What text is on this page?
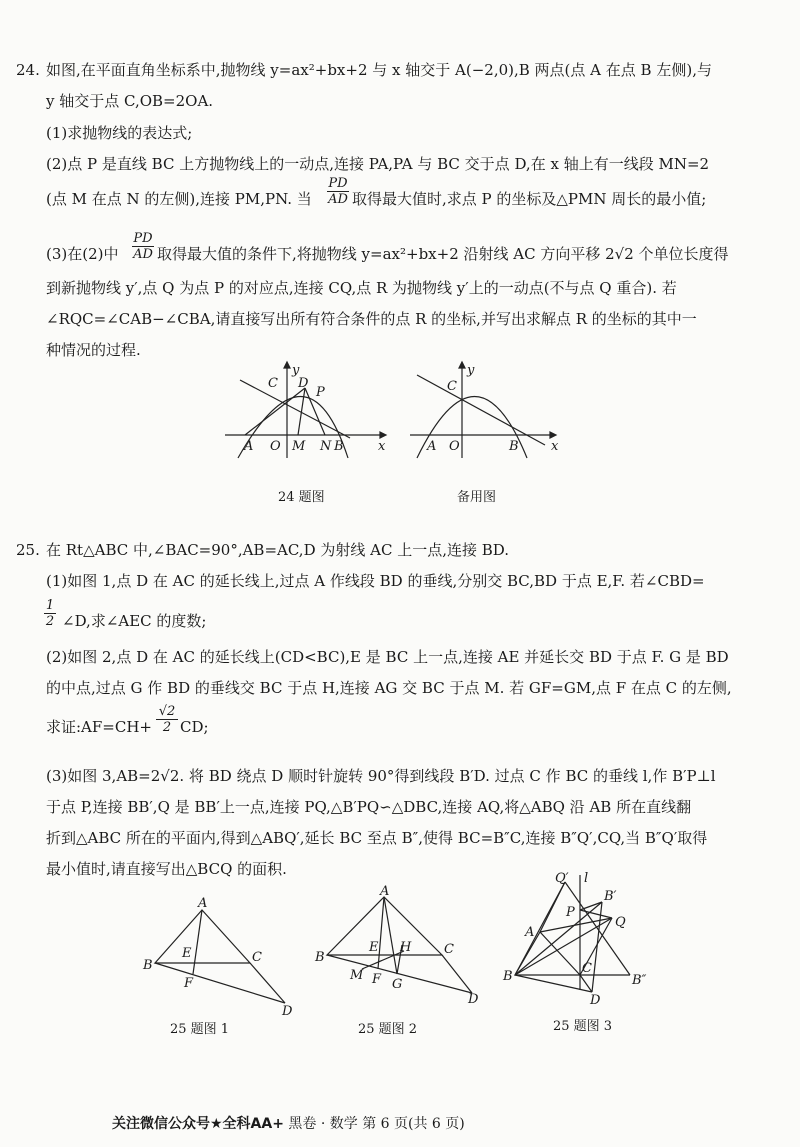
24. 如图,在平面直角坐标系中,抛物线 y=ax²+bx+2 与 x 轴交于 A(−2,0),B 两点(点 A 在点 B 左侧),与
y 轴交于点 C,OB=2OA.
(1)求抛物线的表达式;
(2)点 P 是直线 BC 上方抛物线上的一动点,连接 PA,PA 与 BC 交于点 D,在 x 轴上有一线段 MN=2
(点 M 在点 N 的左侧),连接 PM,PN. 当 $\frac{PD}{AD}$ 取得最大值时,求点 P 的坐标及△PMN 周长的最小值;
(3)在(2)中 $\frac{PD}{AD}$ 取得最大值的条件下,将抛物线 y=ax²+bx+2 沿射线 AC 方向平移 2√2 个单位长度得
到新抛物线 y′,点 Q 为点 P 的对应点,连接 CQ,点 R 为抛物线 y′上的一动点(不与点 Q 重合). 若
∠RQC=∠CAB−∠CBA,请直接写出所有符合条件的点 R 的坐标,并写出求解点 R 的坐标的其中一
种情况的过程.
C D
P
A O M N B	x
y
C
A O	B x
y
24 题图	备用图
25. 在 Rt△ABC 中,∠BAC=90°,AB=AC,D 为射线 AC 上一点,连接 BD.
(1)如图 1,点 D 在 AC 的延长线上,过点 A 作线段 BD 的垂线,分别交 BC,BD 于点 E,F. 若∠CBD=
$\frac{1}{2}$ ∠D,求∠AEC 的度数;
(2)如图 2,点 D 在 AC 的延长线上(CD<BC),E 是 BC 上一点,连接 AE 并延长交 BD 于点 F. G 是 BD
的中点,过点 G 作 BD 的垂线交 BC 于点 H,连接 AG 交 BC 于点 M. 若 GF=GM,点 F 在点 C 的左侧,
求证:AF=CH+ $\frac{√2}{2}$ CD;
(3)如图 3,AB=2√2. 将 BD 绕点 D 顺时针旋转 90°得到线段 B′D. 过点 C 作 BC 的垂线 l,作 B′P⊥l
于点 P,连接 BB′,Q 是 BB′上一点,连接 PQ,△B′PQ∽△DBC,连接 AQ,将△ABQ 沿 AB 所在直线翻
折到△ABC 所在的平面内,得到△ABQ′,延长 BC 至点 B″,使得 BC=B″C,连接 B″Q′,CQ,当 B″Q′取得
最小值时,请直接写出△BCQ 的面积.
A
B
C
E
F
D
A
B
C
E H
M F G
D
Q′ l
P
B′
Q
A
B
C
B″
D
25 题图 1	25 题图 2	25 题图 3
关注微信公众号★全科AA+ 黑卷 · 数学 第 6 页(共 6 页)
